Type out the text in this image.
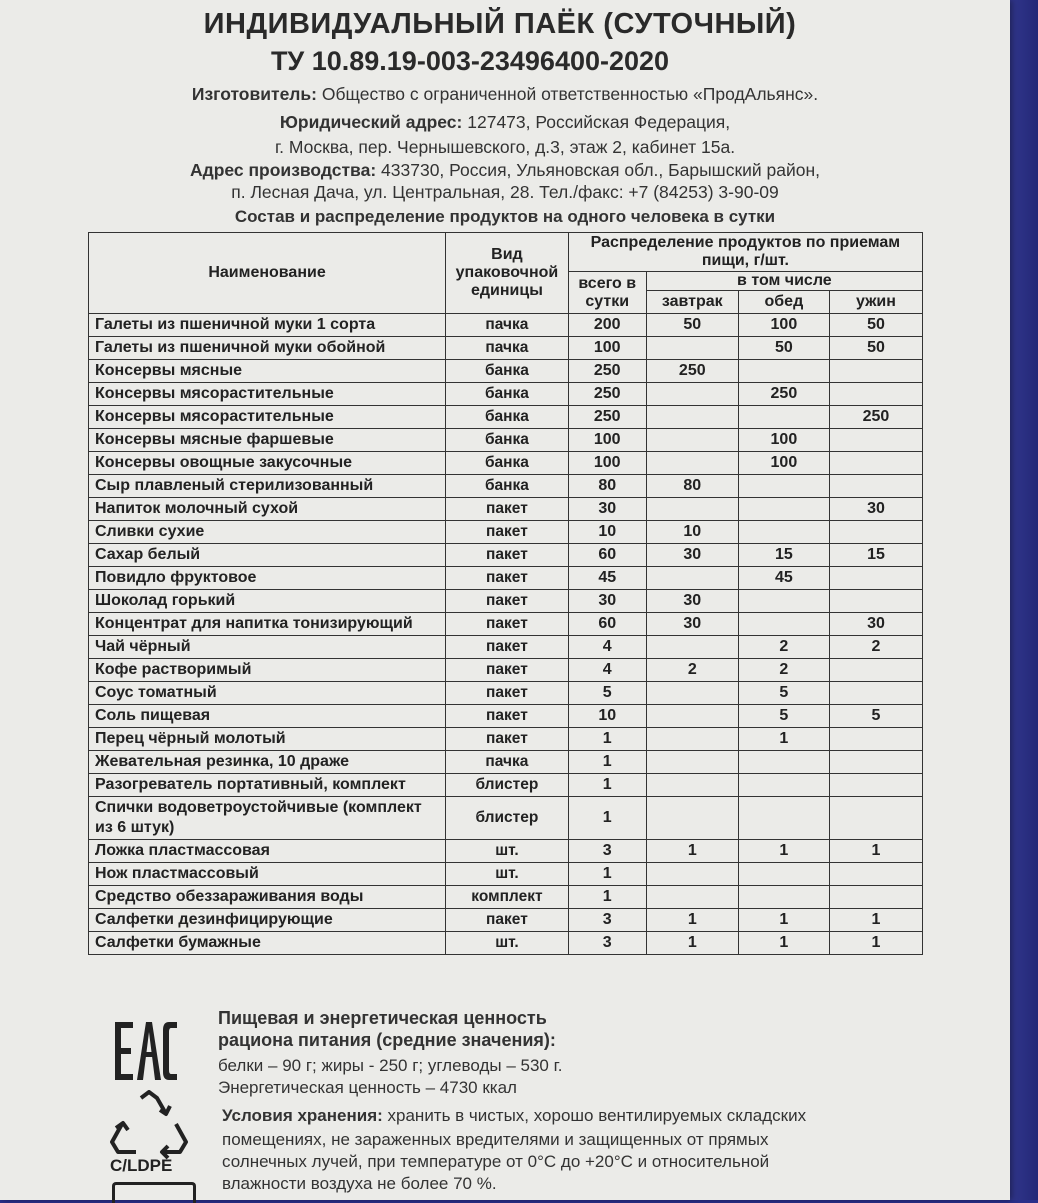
ИНДИВИДУАЛЬНЫЙ ПАЁК (СУТОЧНЫЙ)
ТУ 10.89.19-003-23496400-2020
Изготовитель: Общество с ограниченной ответственностью «ПродАльянс».
Юридический адрес: 127473, Российская Федерация,
г. Москва, пер. Чернышевского, д.3, этаж 2, кабинет 15а.
Адрес производства: 433730, Россия, Ульяновская обл., Барышский район,
п. Лесная Дача, ул. Центральная, 28. Тел./факс: +7 (84253) 3-90-09
Состав и распределение продуктов на одного человека в сутки
Наименование	Вид упаковочной единицы	Распределение продуктов по приемам пищи, г/шт.			
		всего в сутки	в том числе		
			завтрак	обед	ужин
Галеты из пшеничной муки 1 сорта	пачка	200	50	100	50
Галеты из пшеничной муки обойной	пачка	100		50	50
Консервы мясные	банка	250	250		
Консервы мясорастительные	банка	250		250	
Консервы мясорастительные	банка	250			250
Консервы мясные фаршевые	банка	100		100	
Консервы овощные закусочные	банка	100		100	
Сыр плавленый стерилизованный	банка	80	80		
Напиток молочный сухой	пакет	30			30
Сливки сухие	пакет	10	10		
Сахар белый	пакет	60	30	15	15
Повидло фруктовое	пакет	45		45	
Шоколад горький	пакет	30	30		
Концентрат для напитка тонизирующий	пакет	60	30		30
Чай чёрный	пакет	4		2	2
Кофе растворимый	пакет	4	2	2	
Соус томатный	пакет	5		5	
Соль пищевая	пакет	10		5	5
Перец чёрный молотый	пакет	1		1	
Жевательная резинка, 10 драже	пачка	1			
Разогреватель портативный, комплект	блистер	1			
Спички водоветроустойчивые (комплект из 6 штук)	блистер	1			
Ложка пластмассовая	шт.	3	1	1	1
Нож пластмассовый	шт.	1			
Средство обеззараживания воды	комплект	1			
Салфетки дезинфицирующие	пакет	3	1	1	1
Салфетки бумажные	шт.	3	1	1	1
C/LDPE
Пищевая и энергетическая ценность
рациона питания (средние значения):
белки – 90 г; жиры - 250 г; углеводы – 530 г.
Энергетическая ценность – 4730 ккал
Условия хранения: хранить в чистых, хорошо вентилируемых складских
помещениях, не зараженных вредителями и защищенных от прямых
солнечных лучей, при температуре от 0°С до +20°С и относительной
влажности воздуха не более 70 %.
